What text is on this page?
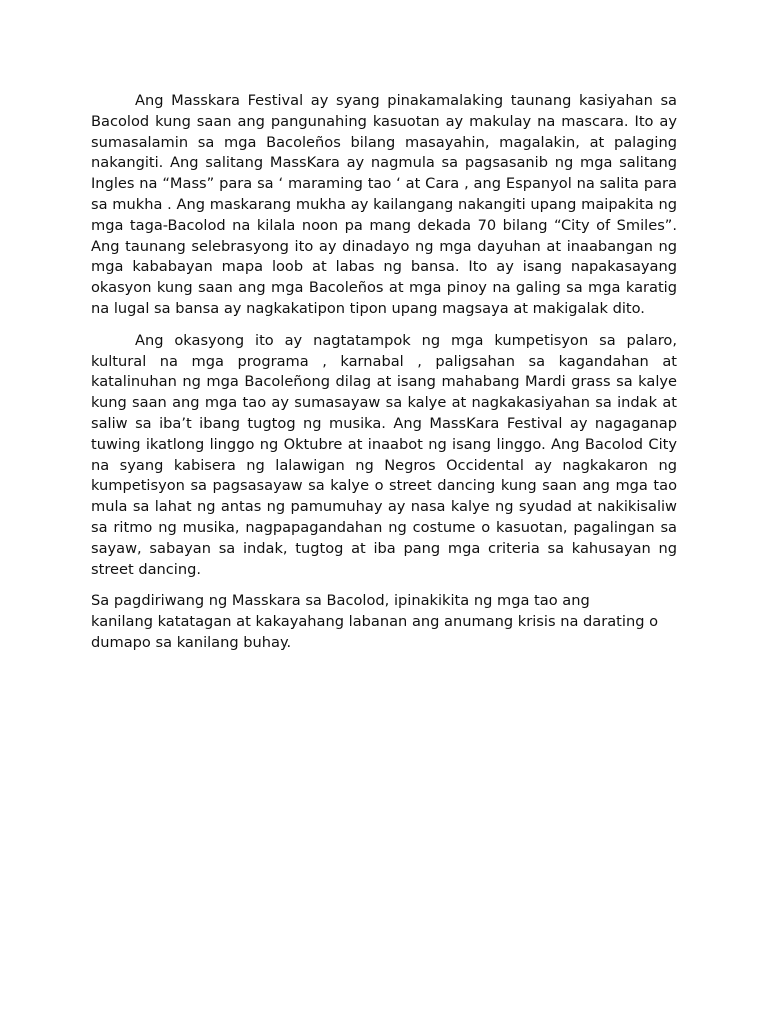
Ang Masskara Festival ay syang pinakamalaking taunang kasiyahan sa Bacolod kung saan ang pangunahing kasuotan ay makulay na mascara. Ito ay sumasalamin sa mga Bacoleños bilang masayahin, magalakin, at palaging nakangiti. Ang salitang MassKara ay nagmula sa pagsasanib ng mga salitang Ingles na “Mass” para sa ‘ maraming tao ‘ at Cara , ang Espanyol na salita para sa mukha . Ang maskarang mukha ay kailangang nakangiti upang maipakita ng mga taga-Bacolod na kilala noon pa mang dekada 70 bilang “City of Smiles”. Ang taunang selebrasyong ito ay dinadayo ng mga dayuhan at inaabangan ng mga kababayan mapa loob at labas ng bansa. Ito ay isang napakasayang okasyon kung saan ang mga Bacoleños at mga pinoy na galing sa mga karatig na lugal sa bansa ay nagkakatipon tipon upang magsaya at makigalak dito.

Ang okasyong ito ay nagtatampok ng mga kumpetisyon sa palaro, kultural na mga programa , karnabal , paligsahan sa kagandahan at katalinuhan ng mga Bacoleñong dilag at isang mahabang Mardi grass sa kalye kung saan ang mga tao ay sumasayaw sa kalye at nagkakasiyahan sa indak at saliw sa iba’t ibang tugtog ng musika. Ang MassKara Festival ay nagaganap tuwing ikatlong linggo ng Oktubre at inaabot ng isang linggo. Ang Bacolod City na syang kabisera ng lalawigan ng Negros Occidental ay nagkakaron ng kumpetisyon sa pagsasayaw sa kalye o street dancing kung saan ang mga tao mula sa lahat ng antas ng pamumuhay ay nasa kalye ng syudad at nakikisaliw sa ritmo ng musika, nagpapagandahan ng costume o kasuotan, pagalingan sa sayaw, sabayan sa indak, tugtog at iba pang mga criteria sa kahusayan ng street dancing.

Sa pagdiriwang ng Masskara sa Bacolod, ipinakikita ng mga tao ang
kanilang katatagan at kakayahang labanan ang anumang krisis na darating o dumapo sa kanilang buhay.
